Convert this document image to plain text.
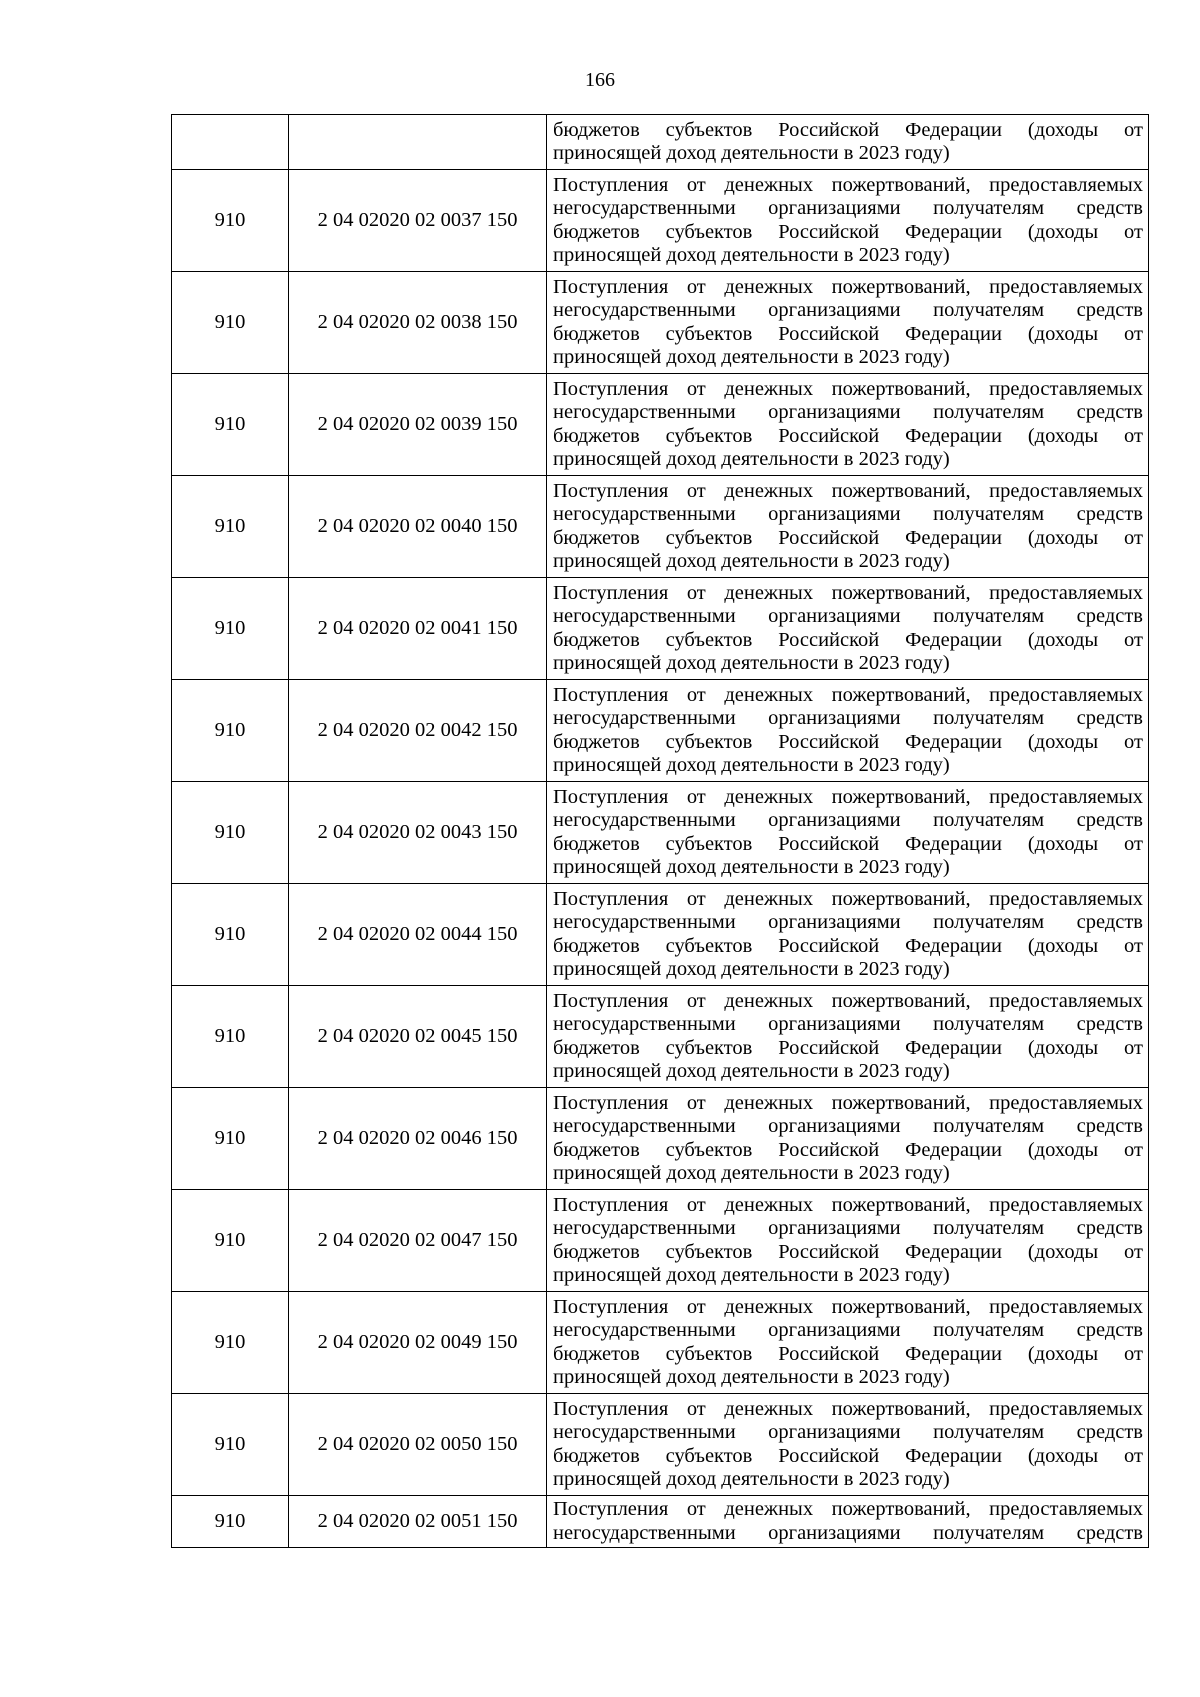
166

		бюджетов субъектов Российской Федерации (доходы от
приносящей доход деятельности в 2023 году)

910	2 04 02020 02 0037 150	Поступления от денежных пожертвований, предоставляемых
негосударственными организациями получателям средств
бюджетов субъектов Российской Федерации (доходы от
приносящей доход деятельности в 2023 году)

910	2 04 02020 02 0038 150	Поступления от денежных пожертвований, предоставляемых
негосударственными организациями получателям средств
бюджетов субъектов Российской Федерации (доходы от
приносящей доход деятельности в 2023 году)

910	2 04 02020 02 0039 150	Поступления от денежных пожертвований, предоставляемых
негосударственными организациями получателям средств
бюджетов субъектов Российской Федерации (доходы от
приносящей доход деятельности в 2023 году)

910	2 04 02020 02 0040 150	Поступления от денежных пожертвований, предоставляемых
негосударственными организациями получателям средств
бюджетов субъектов Российской Федерации (доходы от
приносящей доход деятельности в 2023 году)

910	2 04 02020 02 0041 150	Поступления от денежных пожертвований, предоставляемых
негосударственными организациями получателям средств
бюджетов субъектов Российской Федерации (доходы от
приносящей доход деятельности в 2023 году)

910	2 04 02020 02 0042 150	Поступления от денежных пожертвований, предоставляемых
негосударственными организациями получателям средств
бюджетов субъектов Российской Федерации (доходы от
приносящей доход деятельности в 2023 году)

910	2 04 02020 02 0043 150	Поступления от денежных пожертвований, предоставляемых
негосударственными организациями получателям средств
бюджетов субъектов Российской Федерации (доходы от
приносящей доход деятельности в 2023 году)

910	2 04 02020 02 0044 150	Поступления от денежных пожертвований, предоставляемых
негосударственными организациями получателям средств
бюджетов субъектов Российской Федерации (доходы от
приносящей доход деятельности в 2023 году)

910	2 04 02020 02 0045 150	Поступления от денежных пожертвований, предоставляемых
негосударственными организациями получателям средств
бюджетов субъектов Российской Федерации (доходы от
приносящей доход деятельности в 2023 году)

910	2 04 02020 02 0046 150	Поступления от денежных пожертвований, предоставляемых
негосударственными организациями получателям средств
бюджетов субъектов Российской Федерации (доходы от
приносящей доход деятельности в 2023 году)

910	2 04 02020 02 0047 150	Поступления от денежных пожертвований, предоставляемых
негосударственными организациями получателям средств
бюджетов субъектов Российской Федерации (доходы от
приносящей доход деятельности в 2023 году)

910	2 04 02020 02 0049 150	Поступления от денежных пожертвований, предоставляемых
негосударственными организациями получателям средств
бюджетов субъектов Российской Федерации (доходы от
приносящей доход деятельности в 2023 году)

910	2 04 02020 02 0050 150	Поступления от денежных пожертвований, предоставляемых
негосударственными организациями получателям средств
бюджетов субъектов Российской Федерации (доходы от
приносящей доход деятельности в 2023 году)

910	2 04 02020 02 0051 150	Поступления от денежных пожертвований, предоставляемых
негосударственными организациями получателям средств
